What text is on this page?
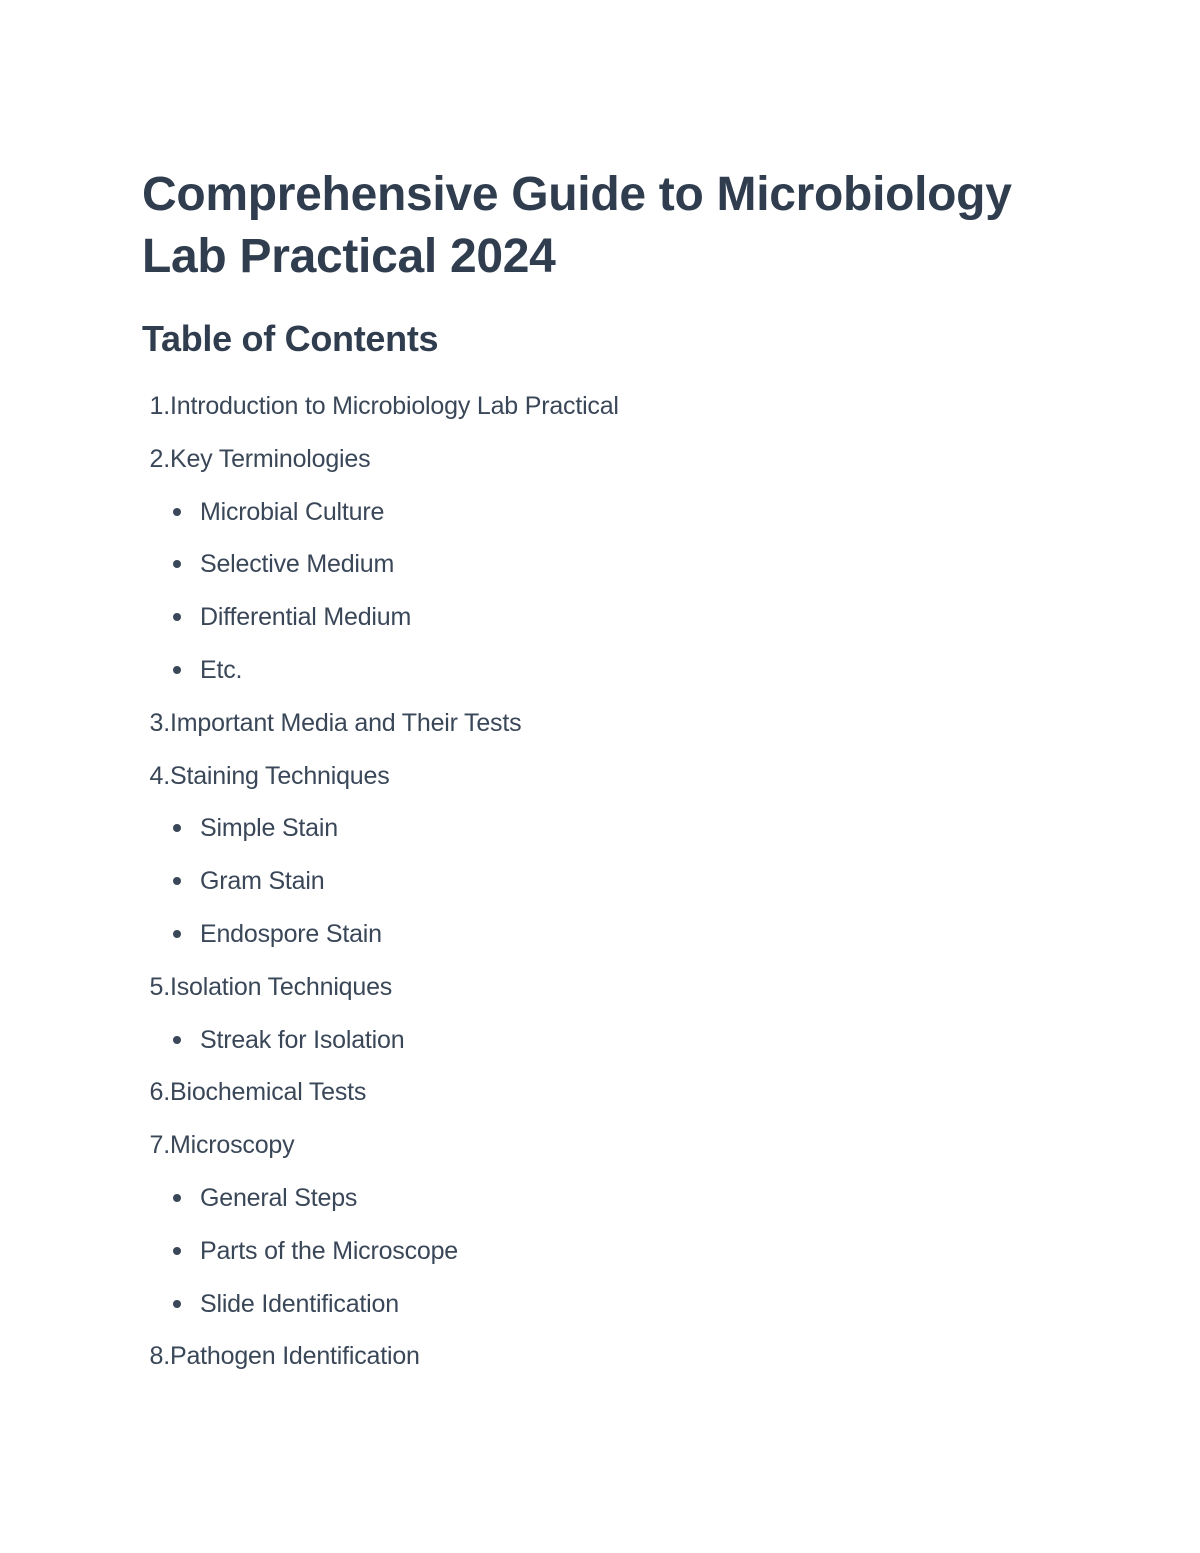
Comprehensive Guide to Microbiology Lab Practical 2024
Table of Contents
1. Introduction to Microbiology Lab Practical
2. Key Terminologies
Microbial Culture
Selective Medium
Differential Medium
Etc.
3. Important Media and Their Tests
4. Staining Techniques
Simple Stain
Gram Stain
Endospore Stain
5. Isolation Techniques
Streak for Isolation
6. Biochemical Tests
7. Microscopy
General Steps
Parts of the Microscope
Slide Identification
8. Pathogen Identification
